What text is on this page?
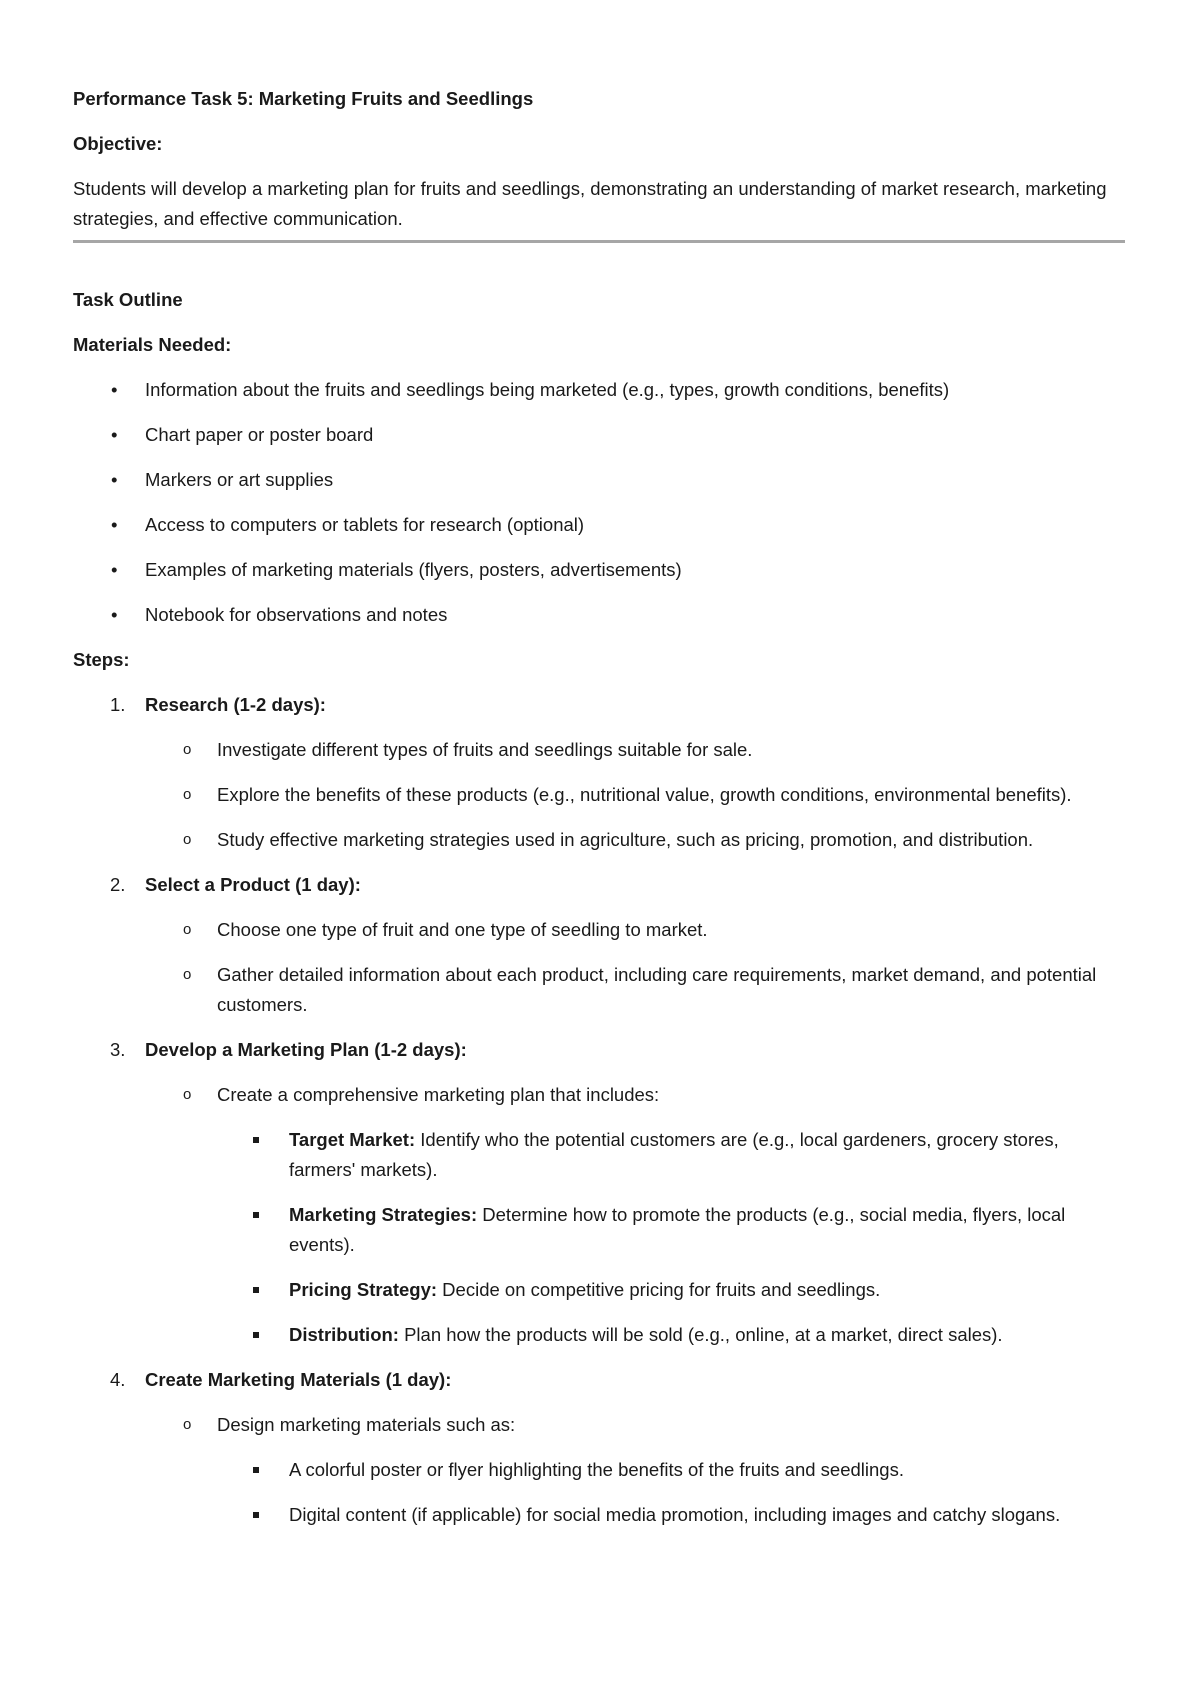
Performance Task 5: Marketing Fruits and Seedlings
Objective:
Students will develop a marketing plan for fruits and seedlings, demonstrating an understanding of market research, marketing strategies, and effective communication.
Task Outline
Materials Needed:
• Information about the fruits and seedlings being marketed (e.g., types, growth conditions, benefits)
• Chart paper or poster board
• Markers or art supplies
• Access to computers or tablets for research (optional)
• Examples of marketing materials (flyers, posters, advertisements)
• Notebook for observations and notes
Steps:
1. Research (1-2 days):
o Investigate different types of fruits and seedlings suitable for sale.
o Explore the benefits of these products (e.g., nutritional value, growth conditions, environmental benefits).
o Study effective marketing strategies used in agriculture, such as pricing, promotion, and distribution.
2. Select a Product (1 day):
o Choose one type of fruit and one type of seedling to market.
o Gather detailed information about each product, including care requirements, market demand, and potential customers.
3. Develop a Marketing Plan (1-2 days):
o Create a comprehensive marketing plan that includes:
Target Market: Identify who the potential customers are (e.g., local gardeners, grocery stores, farmers' markets).
Marketing Strategies: Determine how to promote the products (e.g., social media, flyers, local events).
Pricing Strategy: Decide on competitive pricing for fruits and seedlings.
Distribution: Plan how the products will be sold (e.g., online, at a market, direct sales).
4. Create Marketing Materials (1 day):
o Design marketing materials such as:
A colorful poster or flyer highlighting the benefits of the fruits and seedlings.
Digital content (if applicable) for social media promotion, including images and catchy slogans.
